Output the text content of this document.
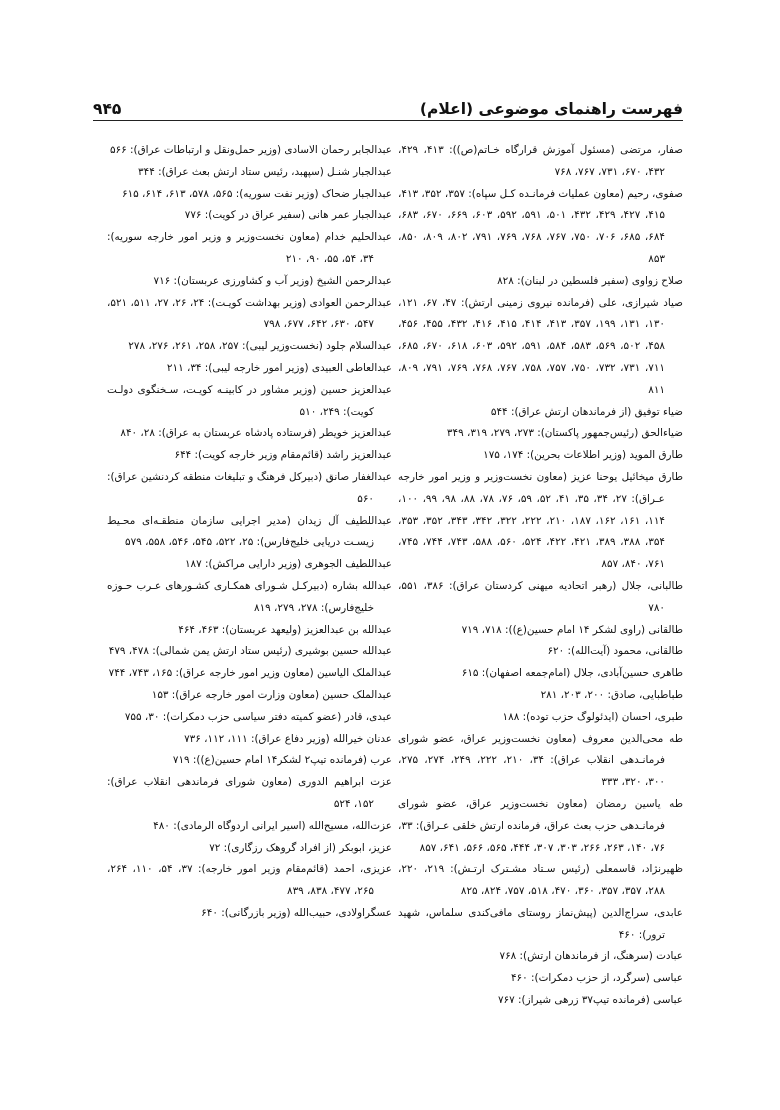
فهرست راهنمای موضوعی (اعلام)
۹۴۵

صفار، مرتضی (مسئول آموزش قرارگاه خـاتم(ص)): ۴۱۳، ۴۲۹، ۴۳۲، ۶۷۰، ۷۳۱، ۷۶۷، ۷۶۸

صفوی، رحیم (معاون عملیات فرمانـده کـل سپاه): ۳۵۷، ۳۵۲، ۴۱۳، ۴۱۵، ۴۲۷، ۴۲۹، ۴۳۲، ۵۰۱، ۵۹۱، ۵۹۲، ۶۰۳، ۶۶۹، ۶۷۰، ۶۸۳، ۶۸۴، ۶۸۵، ۷۰۶، ۷۵۰، ۷۶۷، ۷۶۸، ۷۶۹، ۷۹۱، ۸۰۲، ۸۰۹، ۸۵۰، ۸۵۳

صلاح زواوی (سفیر فلسطین در لبنان): ۸۲۸

صیاد شیرازی، علی (فرمانده نیروی زمینی ارتش): ۴۷، ۶۷، ۱۲۱، ۱۳۰، ۱۳۱، ۱۹۹، ۳۵۷، ۴۱۳، ۴۱۴، ۴۱۵، ۴۱۶، ۴۳۲، ۴۵۵، ۴۵۶، ۴۵۸، ۵۰۲، ۵۶۹، ۵۸۳، ۵۸۴، ۵۹۱، ۵۹۲، ۶۰۳، ۶۱۸، ۶۷۰، ۶۸۵، ۷۱۱، ۷۳۱، ۷۳۲، ۷۵۰، ۷۵۷، ۷۵۸، ۷۶۷، ۷۶۸، ۷۶۹، ۷۹۱، ۸۰۹، ۸۱۱

ضیاء توفیق (از فرماندهان ارتش عراق): ۵۴۴

ضیاءالحق (رئیس‌جمهور پاکستان): ۲۷۳، ۲۷۹، ۳۱۹، ۳۴۹

طارق المويد (وزیر اطلاعات بحرین): ۱۷۴، ۱۷۵

طارق میخائیل یوحنا عزیز (معاون نخست‌وزیر و وزیر امور خارجه عـراق): ۲۷، ۳۴، ۳۵، ۴۱، ۵۲، ۵۹، ۷۶، ۷۸، ۸۸، ۹۸، ۹۹، ۱۰۰، ۱۱۴، ۱۶۱، ۱۶۲، ۱۸۷، ۲۱۰، ۲۲۲، ۳۲۲، ۳۴۲، ۳۴۳، ۳۵۲، ۳۵۳، ۳۵۴، ۳۸۸، ۳۸۹، ۴۲۱، ۴۲۲، ۵۲۴، ۵۶۰، ۵۸۸، ۷۴۳، ۷۴۴، ۷۴۵، ۷۶۱، ۸۴۰، ۸۵۷

طالبانی، جلال (رهبر اتحادیه میهنی کردستان عراق): ۳۸۶، ۵۵۱، ۷۸۰

طالقانی (راوی لشکر ۱۴ امام حسین(ع)): ۷۱۸، ۷۱۹

طالقانی، محمود (آیت‌الله): ۶۲۰

طاهری حسین‌آبادی، جلال (امام‌جمعه اصفهان): ۶۱۵

طباطبایی، صادق: ۲۰۰، ۲۰۳، ۲۸۱

طبری، احسان (ایدئولوگ حزب توده): ۱۸۸

طه محی‌الدین معروف (معاون نخست‌وزیر عراق، عضو شورای فرمانـدهی انقلاب عراق): ۳۴، ۲۱۰، ۲۲۲، ۲۴۹، ۲۷۴، ۲۷۵، ۳۰۰، ۳۲۰، ۳۳۳

طه یاسین رمضان (معاون نخست‌وزیر عراق، عضو شورای فرمانـدهی حزب بعث عراق، فرمانده ارتش خلقی عـراق): ۳۳، ۷۶، ۱۴۰، ۲۶۳، ۲۶۶، ۳۰۳، ۳۰۷، ۴۴۴، ۵۶۵، ۵۶۶، ۶۴۱، ۸۵۷

ظهیرنژاد، قاسمعلی (رئیس سـتاد مشـترک ارتـش): ۲۱۹، ۲۲۰، ۲۸۸، ۳۵۷، ۳۵۷، ۳۶۰، ۴۷۰، ۵۱۸، ۷۵۷، ۸۲۴، ۸۲۵

عابدی، سراج‌الدین (پیش‌نماز روستای مافی‌کندی سلماس، شهید ترور): ۴۶۰

عبادت (سرهنگ، از فرماندهان ارتش): ۷۶۸

عباسی (سرگرد، از حزب دمکرات): ۴۶۰

عباسی (فرمانده تیپ۳۷ زرهی شیراز): ۷۶۷

عبدالجابر رحمان الاسادی (وزیر حمل‌ونقل و ارتباطات عراق): ۵۶۶

عبدالجبار شنـل (سپهبد، رئیس ستاد ارتش بعث عراق): ۳۴۴

عبدالجبار ضحاک (وزیر نفت سوریه): ۵۶۵، ۵۷۸، ۶۱۳، ۶۱۴، ۶۱۵

عبدالجبار عمر هانی (سفیر عراق در کویت): ۷۷۶

عبدالحلیم خدام (معاون نخست‌وزیر و وزیر امور خارجه سوریه): ۳۴، ۵۴، ۵۵، ۹۰، ۲۱۰

عبدالرحمن الشیخ (وزیر آب و کشاورزی عربستان): ۷۱۶

عبدالرحمن العوادی (وزیر بهداشت کویـت): ۲۴، ۲۶، ۲۷، ۵۱۱، ۵۲۱، ۵۴۷، ۶۳۰، ۶۴۲، ۶۷۷، ۷۹۸

عبدالسلام جلود (نخست‌وزیر لیبی): ۲۵۷، ۲۵۸، ۲۶۱، ۲۷۶، ۲۷۸

عبدالعاطی العبیدی (وزیر امور خارجه لیبی): ۳۴، ۲۱۱

عبدالعزیز حسین (وزیر مشاور در کابینـه کویـت، سـخنگوی دولـت کویت): ۲۴۹، ۵۱۰

عبدالعزیز خویطر (فرستاده پادشاه عربستان به عراق): ۲۸، ۸۴۰

عبدالعزیز راشد (قائم‌مقام وزیر خارجه کویت): ۶۴۴

عبدالغفار صانق (دبیرکل فرهنگ و تبلیغات منطقه کردنشین عراق): ۵۶۰

عبداللطیف آل زیدان (مدیر اجرایی سازمان منطقـه‌ای محـیط زیسـت دریایی خلیج‌فارس): ۲۵، ۵۲۲، ۵۴۵، ۵۴۶، ۵۵۸، ۵۷۹

عبداللطیف الجوهری (وزیر دارایی مراکش): ۱۸۷

عبدالله بشاره (دبیرکـل شـورای همکـاری کشـورهای عـرب حـوزه خلیج‌فارس): ۲۷۸، ۲۷۹، ۸۱۹

عبدالله بن عبدالعزیز (ولیعهد عربستان): ۴۶۳، ۴۶۴

عبدالله حسین بوشیری (رئیس ستاد ارتش یمن شمالی): ۴۷۸، ۴۷۹

عبدالملک الیاسین (معاون وزیر امور خارجه عراق): ۱۶۵، ۷۴۳، ۷۴۴

عبدالملک حسین (معاون وزارت امور خارجه عراق): ۱۵۳

عبدی، قادر (عضو کمیته دفتر سیاسی حزب دمکرات): ۳۰، ۷۵۵

عدنان خیرالله (وزیر دفاع عراق): ۱۱۱، ۱۱۲، ۷۳۶

عرب (فرمانده تیپ۲ لشکر۱۴ امام حسین(ع)): ۷۱۹

عزت ابراهیم الدوری (معاون شورای فرماندهی انقلاب عراق): ۱۵۲، ۵۲۴

عزت‌الله، مسیح‌الله (اسیر ایرانی اردوگاه الرمادی): ۴۸۰

عزیز، ابوبکر (از افراد گروهک رزگاری): ۷۲

عزیزی، احمد (قائم‌مقام وزیر امور خارجه): ۳۷، ۵۴، ۱۱۰، ۲۶۴، ۲۶۵، ۴۷۷، ۸۳۸، ۸۳۹

عسگراولادی، حبیب‌الله (وزیر بازرگانی): ۶۴۰
